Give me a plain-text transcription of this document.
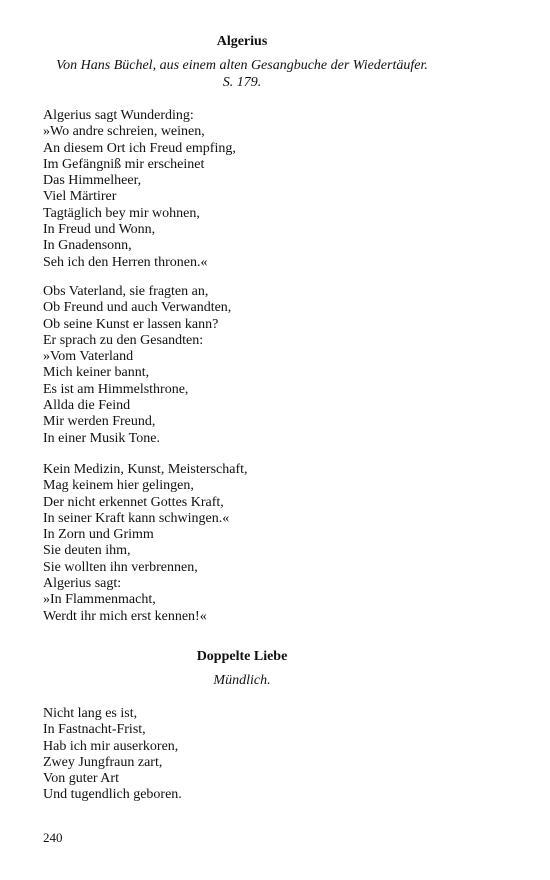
Algerius
Von Hans Büchel, aus einem alten Gesangbuche der Wiedertäufer.
S. 179.
Algerius sagt Wunderding:
»Wo andre schreien, weinen,
An diesem Ort ich Freud empfing,
Im Gefängniß mir erscheinet
Das Himmelheer,
Viel Märtirer
Tagtäglich bey mir wohnen,
In Freud und Wonn,
In Gnadensonn,
Seh ich den Herren thronen.«
Obs Vaterland, sie fragten an,
Ob Freund und auch Verwandten,
Ob seine Kunst er lassen kann?
Er sprach zu den Gesandten:
»Vom Vaterland
Mich keiner bannt,
Es ist am Himmelsthrone,
Allda die Feind
Mir werden Freund,
In einer Musik Tone.
Kein Medizin, Kunst, Meisterschaft,
Mag keinem hier gelingen,
Der nicht erkennet Gottes Kraft,
In seiner Kraft kann schwingen.«
In Zorn und Grimm
Sie deuten ihm,
Sie wollten ihn verbrennen,
Algerius sagt:
»In Flammenmacht,
Werdt ihr mich erst kennen!«
Doppelte Liebe
Mündlich.
Nicht lang es ist,
In Fastnacht-Frist,
Hab ich mir auserkoren,
Zwey Jungfraun zart,
Von guter Art
Und tugendlich geboren.
240
